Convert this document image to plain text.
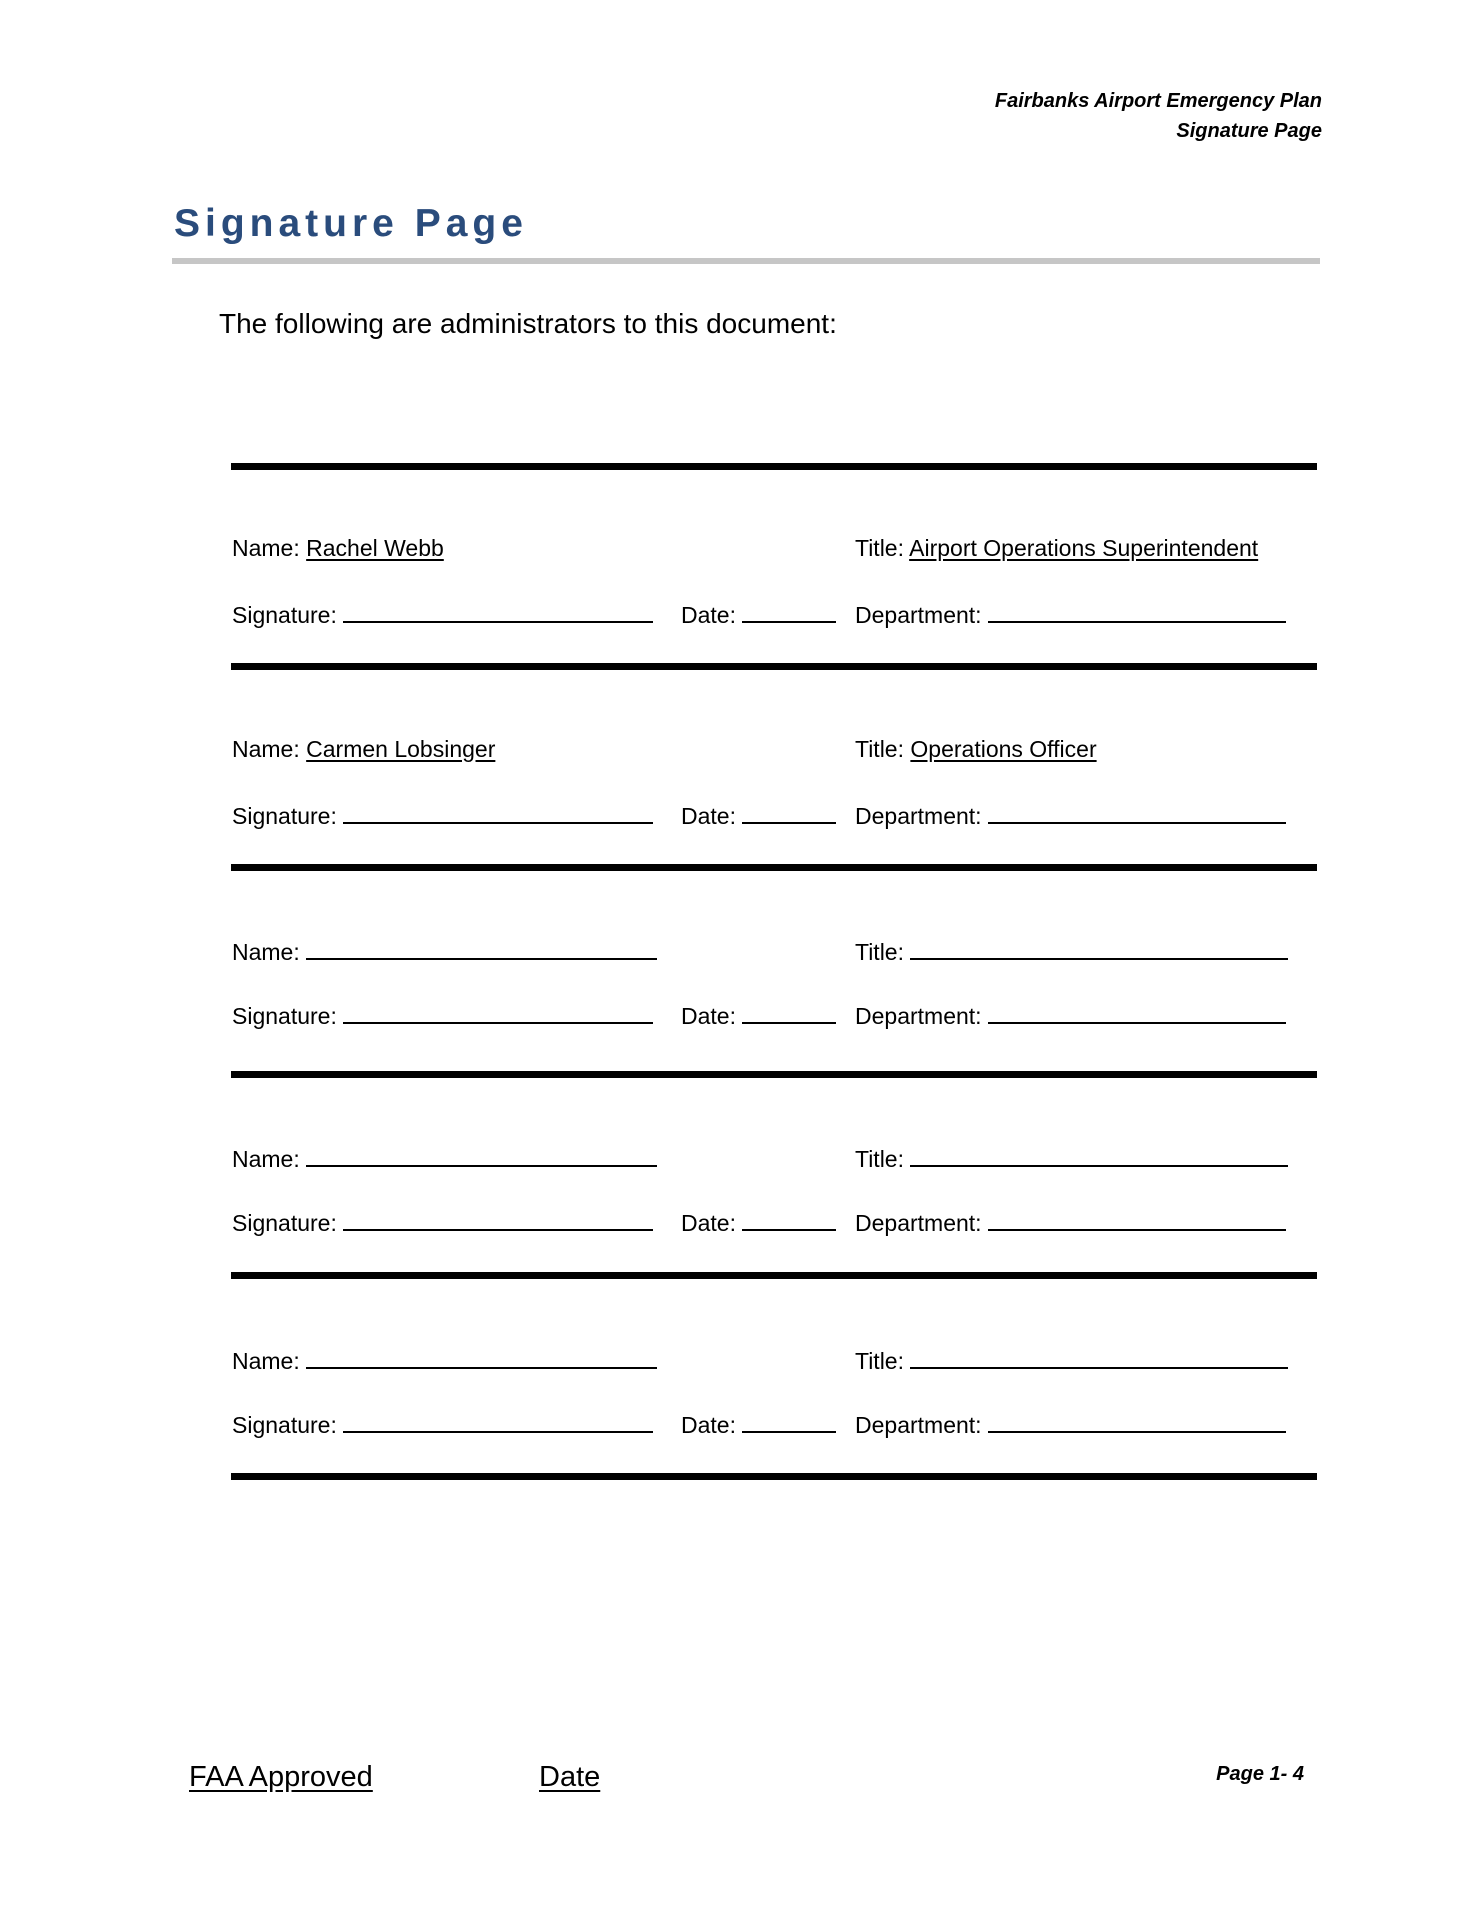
Fairbanks Airport Emergency Plan
Signature Page
Signature Page
The following are administrators to this document:
Name: Rachel Webb	Title: Airport Operations Superintendent
Signature:	Date:	Department:
Name: Carmen Lobsinger	Title: Operations Officer
Signature:	Date:	Department:
Name:	Title:
Signature:	Date:	Department:
Name:	Title:
Signature:	Date:	Department:
Name:	Title:
Signature:	Date:	Department:
FAA Approved	Date	Page 1- 4
